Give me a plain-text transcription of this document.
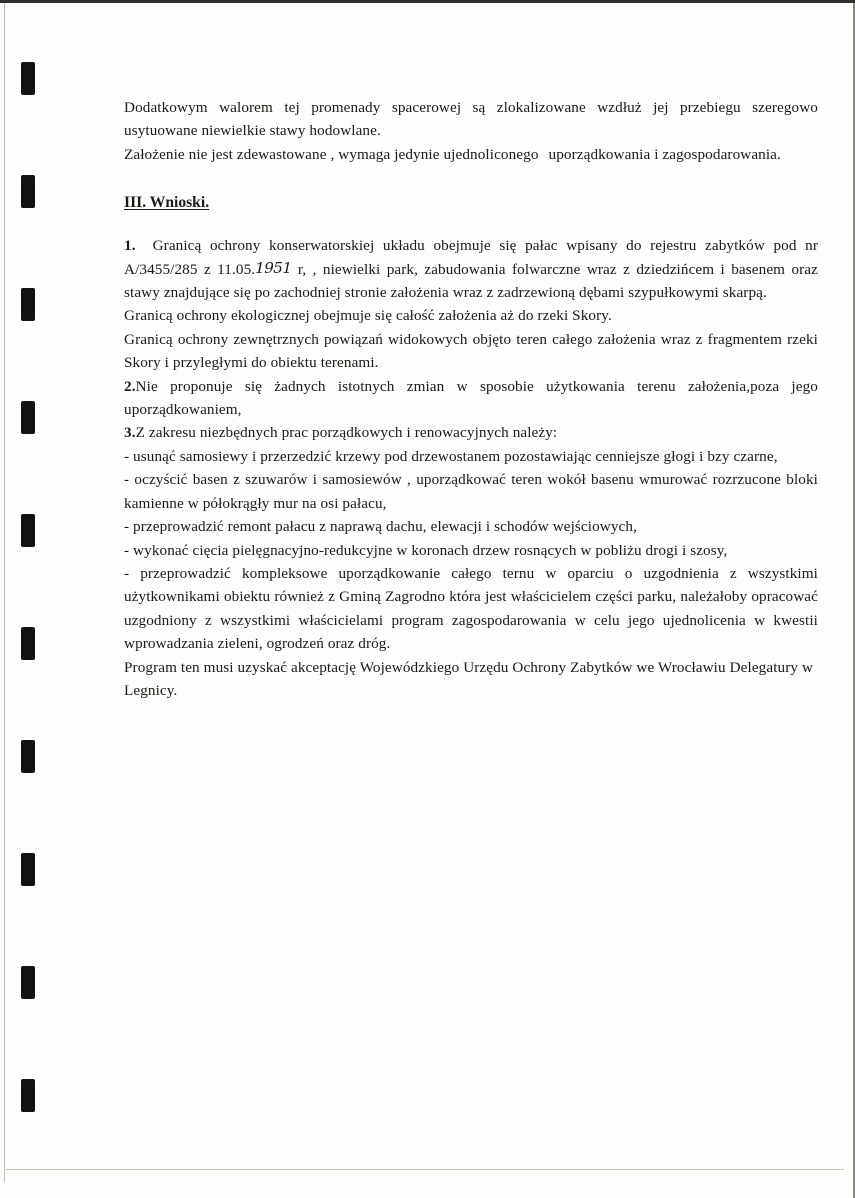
Dodatkowym walorem tej promenady spacerowej są zlokalizowane wzdłuż jej przebiegu szeregowo usytuowane niewielkie stawy hodowlane.

Założenie nie jest zdewastowane , wymaga jedynie ujednoliconego uporządkowania i zagospodarowania.

III. Wnioski.

1. Granicą ochrony konserwatorskiej układu obejmuje się pałac wpisany do rejestru zabytków pod nr A/3455/285 z 11.05.1951 r, , niewielki park, zabudowania folwarczne wraz z dziedzińcem i basenem oraz stawy znajdujące się po zachodniej stronie założenia wraz z zadrzewioną dębami szypułkowymi skarpą.

Granicą ochrony ekologicznej obejmuje się całość założenia aż do rzeki Skory.

Granicą ochrony zewnętrznych powiązań widokowych objęto teren całego założenia wraz z fragmentem rzeki Skory i przyległymi do obiektu terenami.

2.Nie proponuje się żadnych istotnych zmian w sposobie użytkowania terenu założenia,poza jego uporządkowaniem,

3.Z zakresu niezbędnych prac porządkowych i renowacyjnych należy:

- usunąć samosiewy i przerzedzić krzewy pod drzewostanem pozostawiając cenniejsze głogi i bzy czarne,

- oczyścić basen z szuwarów i samosiewów , uporządkować teren wokół basenu wmurować rozrzucone bloki kamienne w półokrągły mur na osi pałacu,

- przeprowadzić remont pałacu z naprawą dachu, elewacji i schodów wejściowych,

- wykonać cięcia pielęgnacyjno-redukcyjne w koronach drzew rosnących w pobliżu drogi i szosy,

- przeprowadzić kompleksowe uporządkowanie całego ternu w oparciu o uzgodnienia z wszystkimi użytkownikami obiektu również z Gminą Zagrodno która jest właścicielem części parku, należałoby opracować uzgodniony z wszystkimi właścicielami program zagospodarowania w celu jego ujednolicenia w kwestii wprowadzania zieleni, ogrodzeń oraz dróg.

Program ten musi uzyskać akceptację Wojewódzkiego Urzędu Ochrony Zabytków we Wrocławiu Delegatury w Legnicy.
